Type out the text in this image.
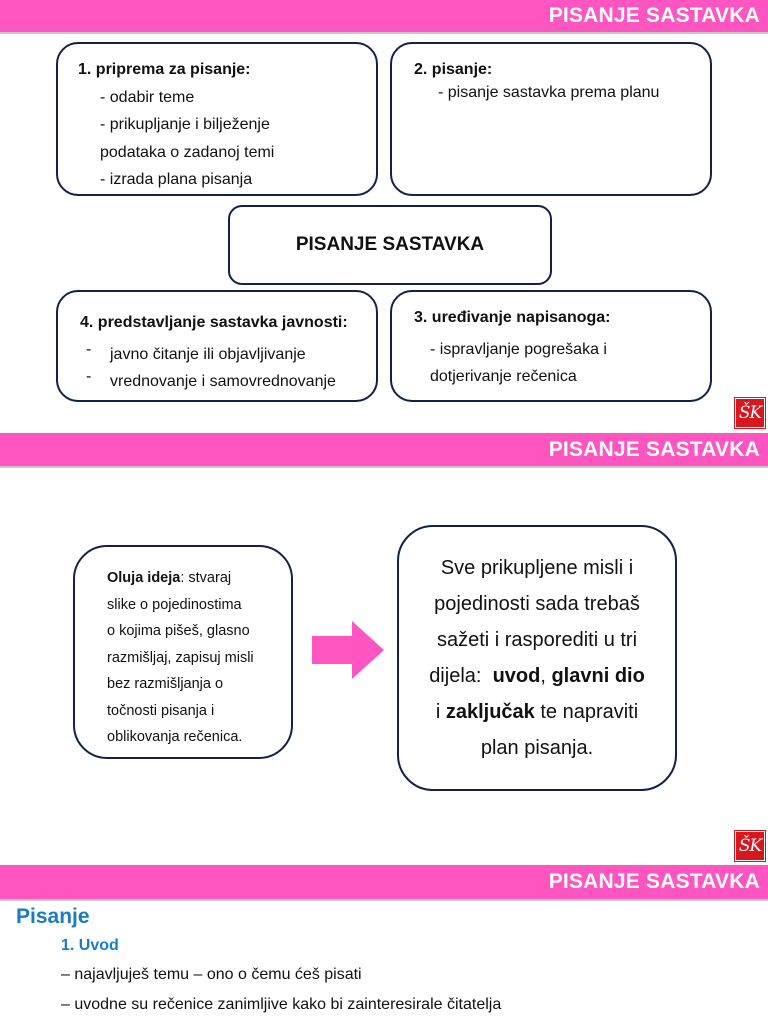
PISANJE SASTAVKA
1. priprema za pisanje:
- odabir teme
- prikupljanje i bilježenje
podataka o zadanoj temi
- izrada plana pisanja
2. pisanje:
- pisanje sastavka prema planu
PISANJE SASTAVKA
4. predstavljanje sastavka javnosti:
- javno čitanje ili objavljivanje
- vrednovanje i samovrednovanje
3. uređivanje napisanoga:
- ispravljanje pogrešaka i
dotjerivanje rečenica
ŠK
PISANJE SASTAVKA
Oluja ideja: stvaraj
slike o pojedinostima
o kojima pišeš, glasno
razmišljaj, zapisuj misli
bez razmišljanja o
točnosti pisanja i
oblikovanja rečenica.
Sve prikupljene misli i
pojedinosti sada trebaš
sažeti i rasporediti u tri
dijela:  uvod, glavni dio
i zaključak te napraviti
plan pisanja.
ŠK
PISANJE SASTAVKA
Pisanje
1. Uvod
– najavljuješ temu – ono o čemu ćeš pisati
– uvodne su rečenice zanimljive kako bi zainteresirale čitatelja
